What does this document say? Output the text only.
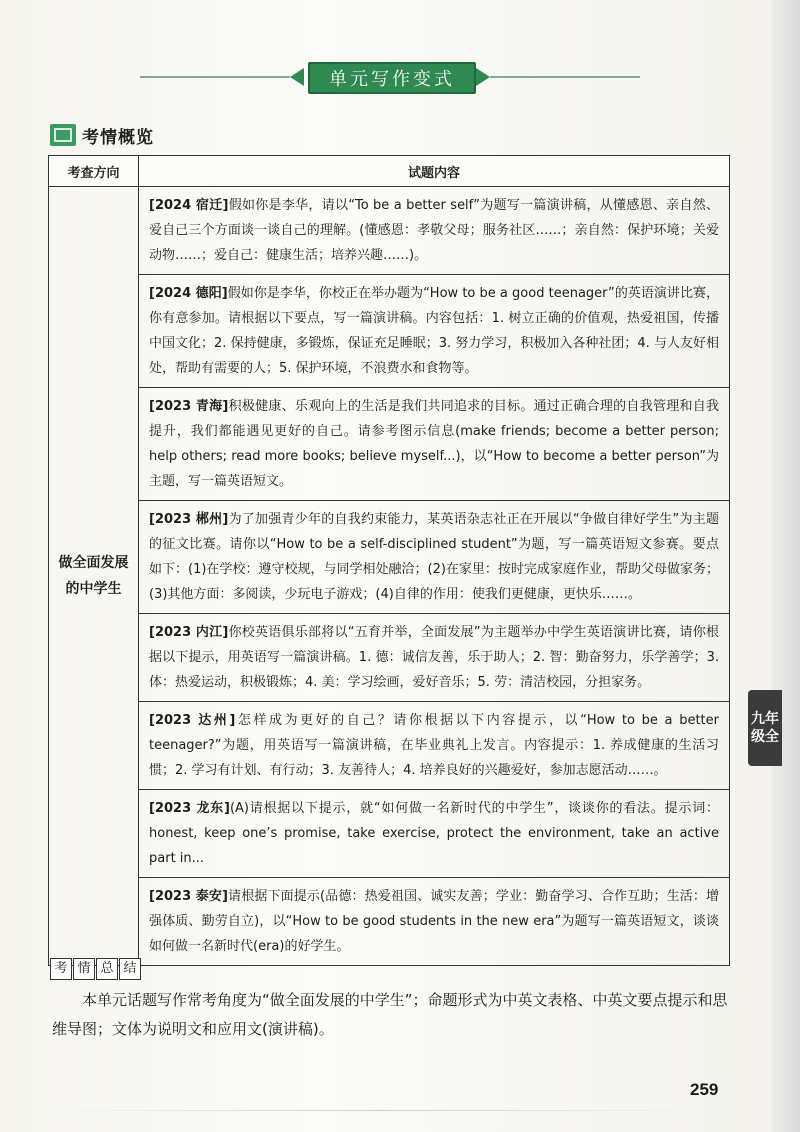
单元写作变式
考情概览
考查方向	试题内容
做全面发展的中学生	[2024 宿迁]假如你是李华，请以“To be a better self”为题写一篇演讲稿，从懂感恩、亲自然、爱自己三个方面谈一谈自己的理解。(懂感恩：孝敬父母；服务社区……；亲自然：保护环境；关爱动物……；爱自己：健康生活；培养兴趣……)。
	[2024 德阳]假如你是李华，你校正在举办题为“How to be a good teenager”的英语演讲比赛，你有意参加。请根据以下要点，写一篇演讲稿。内容包括：1. 树立正确的价值观，热爱祖国，传播中国文化；2. 保持健康，多锻炼，保证充足睡眠；3. 努力学习，积极加入各种社团；4. 与人友好相处，帮助有需要的人；5. 保护环境，不浪费水和食物等。
	[2023 青海]积极健康、乐观向上的生活是我们共同追求的目标。通过正确合理的自我管理和自我提升，我们都能遇见更好的自己。请参考图示信息(make friends; become a better person; help others; read more books; believe myself...)，以“How to become a better person”为主题，写一篇英语短文。
	[2023 郴州]为了加强青少年的自我约束能力，某英语杂志社正在开展以“争做自律好学生”为主题的征文比赛。请你以“How to be a self-disciplined student”为题，写一篇英语短文参赛。要点如下：(1)在学校：遵守校规，与同学相处融洽；(2)在家里：按时完成家庭作业，帮助父母做家务；(3)其他方面：多阅读，少玩电子游戏；(4)自律的作用：使我们更健康，更快乐……。
	[2023 内江]你校英语俱乐部将以“五育并举，全面发展”为主题举办中学生英语演讲比赛，请你根据以下提示，用英语写一篇演讲稿。1. 德：诚信友善，乐于助人；2. 智：勤奋努力，乐学善学；3. 体：热爱运动，积极锻炼；4. 美：学习绘画，爱好音乐；5. 劳：清洁校园，分担家务。
	[2023 达州]怎样成为更好的自己？请你根据以下内容提示，以“How to be a better teenager?”为题，用英语写一篇演讲稿，在毕业典礼上发言。内容提示：1. 养成健康的生活习惯；2. 学习有计划、有行动；3. 友善待人；4. 培养良好的兴趣爱好，参加志愿活动……。
	[2023 龙东](A)请根据以下提示，就“如何做一名新时代的中学生”，谈谈你的看法。提示词：honest, keep one’s promise, take exercise, protect the environment, take an active part in...
	[2023 泰安]请根据下面提示(品德：热爱祖国、诚实友善；学业：勤奋学习、合作互助；生活：增强体质、勤劳自立)，以“How to be good students in the new era”为题写一篇英语短文，谈谈如何做一名新时代(era)的好学生。
考 情 总 结
本单元话题写作常考角度为“做全面发展的中学生”；命题形式为中英文表格、中英文要点提示和思维导图；文体为说明文和应用文(演讲稿)。
九年
级全
259
